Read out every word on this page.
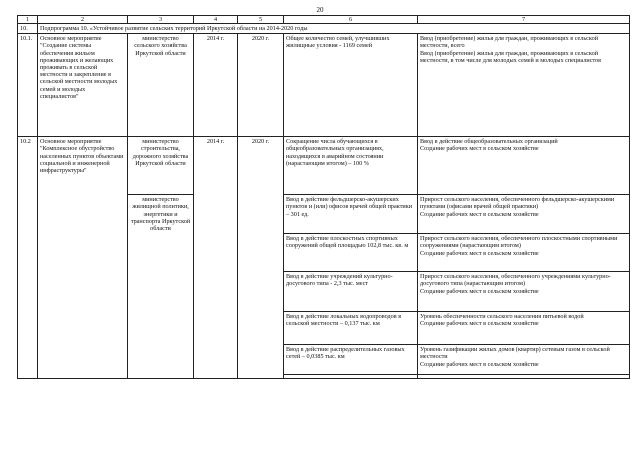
20
1	2	3	4	5	6	7
10.	Подпрограмма 10. «Устойчивое развитие сельских территорий Иркутской области на 2014-2020 годы					
10.1.	Основное мероприятие "Создание системы обеспечения жильем проживающих и желающих проживать в сельской местности и закрепление в сельской местности молодых семей и молодых специалистов"	министерство сельского хозяйства Иркутской области	2014 г.	2020 г.	Общее количество семей, улучшивших жилищные условия - 1169 семей	Ввод (приобретение) жилья для граждан, проживающих в сельской местности, всего
Ввод (приобретение) жилья для граждан, проживающих в сельской местности, в том числе для молодых семей и молодых специалистов

10.2	Основное мероприятие "Комплексное обустройство населенных пунктов объектами социальной и инженерной инфраструктуры"	министерство строительства, дорожного хозяйства Иркутской области	2014 г.	2020 г.	Сокращение числа обучающихся в общеобразовательных организациях, находящихся в аварийном состоянии (нарастающим итогом) – 100 %	Ввод в действие общеобразовательных организаций
Создание рабочих мест в сельском хозяйстве

		министерство жилищной политики, энергетики и транспорта Иркутской области			Ввод в действие фельдшерско-акушерских пунктов и (или) офисов врачей общей практики – 301 ед.	Прирост сельского населения, обеспеченного фельдшерско-акушерскими пунктами (офисами врачей общей практики)
Создание рабочих мест в сельском хозяйстве

					Ввод в действие плоскостных спортивных сооружений общей площадью 102,8 тыс. кв. м	Прирост сельского населения, обеспеченного плоскостными спортивными сооружениями (нарастающим итогом)
Создание рабочих мест в сельском хозяйстве

					Ввод в действие учреждений культурно-досугового типа - 2,3 тыс. мест	Прирост сельского населения, обеспеченного учреждениями культурно-досугового типа (нарастающим итогом)
Создание рабочих мест в сельском хозяйстве

					Ввод в действие локальных водопроводов в сельской местности – 0,137 тыс. км	Уровень обеспеченности сельского населения питьевой водой
Создание рабочих мест в сельском хозяйстве

					Ввод в действие распределительных газовых сетей – 0,0385 тыс. км	Уровень газификации жилых домов (квартир) сетевым газом в сельской местности
Создание рабочих мест в сельском хозяйстве
